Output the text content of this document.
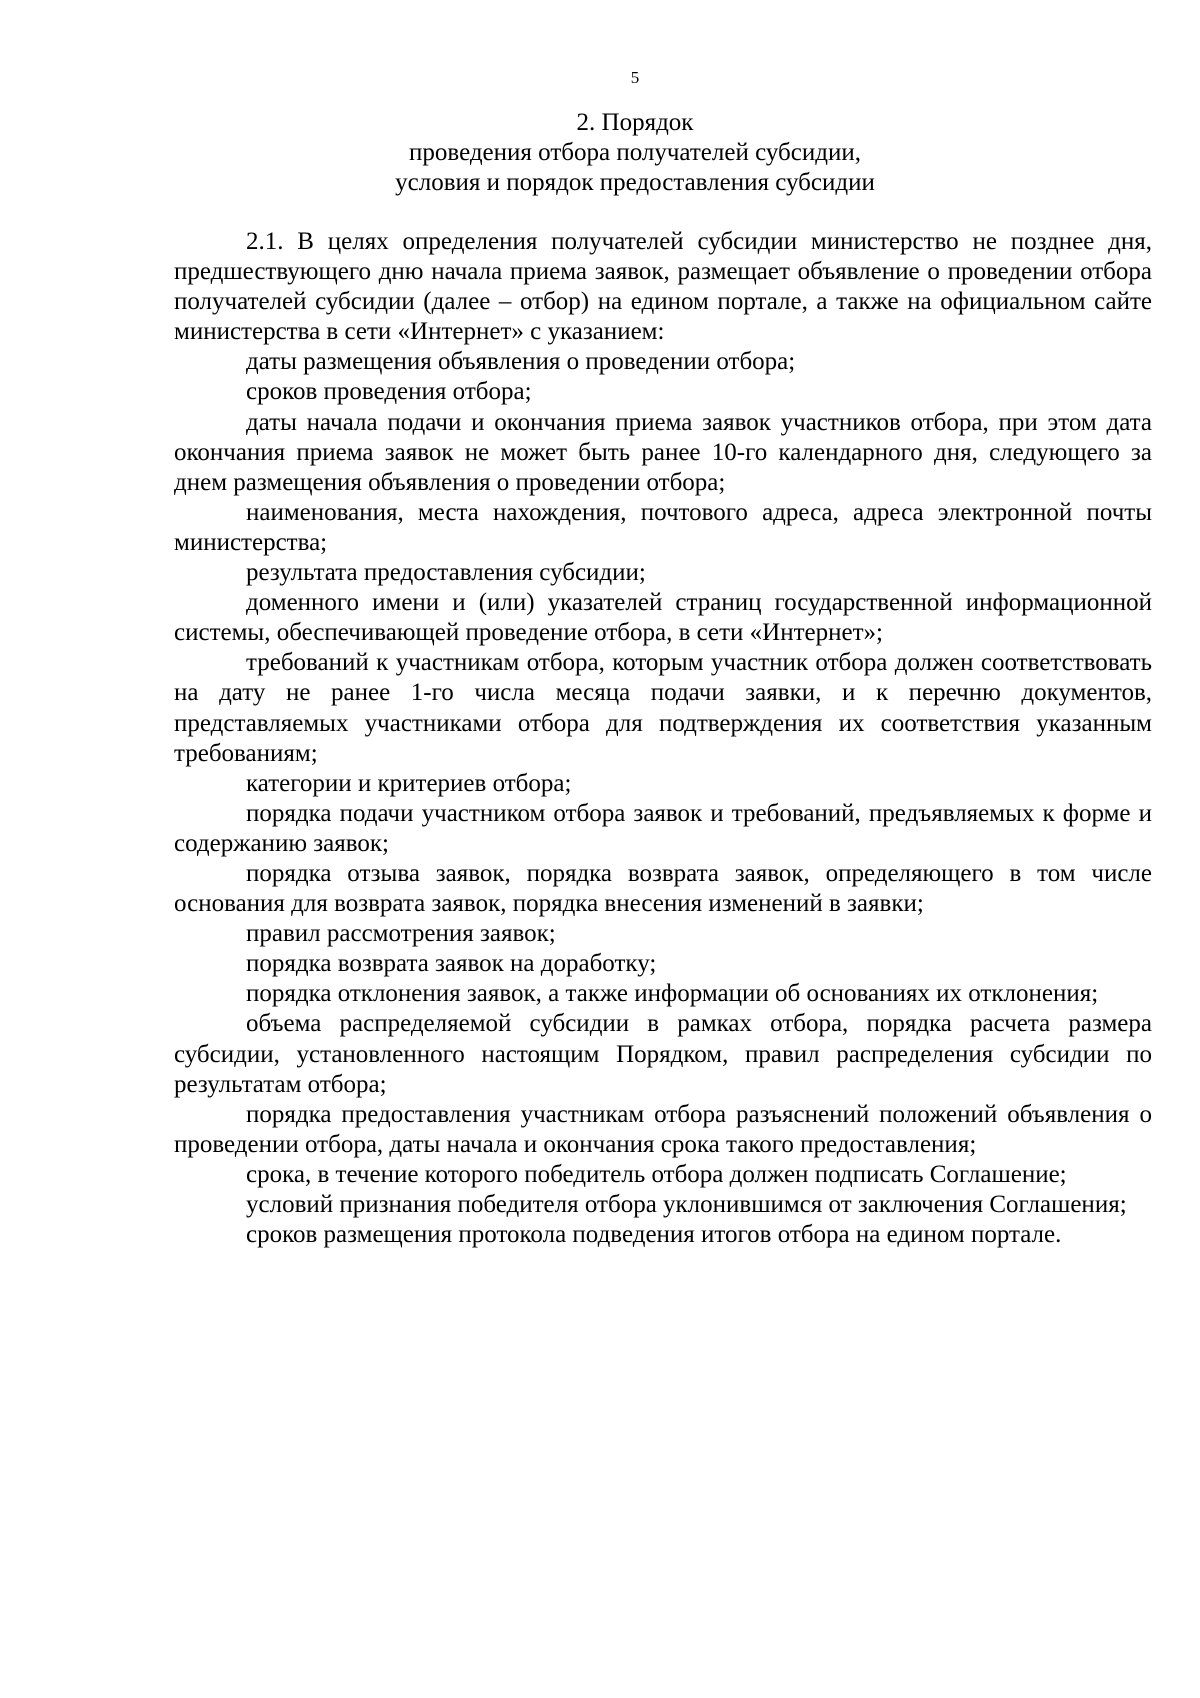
5
2. Порядок
проведения отбора получателей субсидии,
условия и порядок предоставления субсидии

2.1. В целях определения получателей субсидии министерство не позднее дня, предшествующего дню начала приема заявок, размещает объявление о проведении отбора получателей субсидии (далее – отбор) на едином портале, а также на официальном сайте министерства в сети «Интернет» с указанием:

даты размещения объявления о проведении отбора;

сроков проведения отбора;

даты начала подачи и окончания приема заявок участников отбора, при этом дата окончания приема заявок не может быть ранее 10-го календарного дня, следующего за днем размещения объявления о проведении отбора;

наименования, места нахождения, почтового адреса, адреса электронной почты министерства;

результата предоставления субсидии;

доменного имени и (или) указателей страниц государственной информационной системы, обеспечивающей проведение отбора, в сети «Интернет»;

требований к участникам отбора, которым участник отбора должен соответствовать на дату не ранее 1-го числа месяца подачи заявки, и к перечню документов, представляемых участниками отбора для подтверждения их соответствия указанным требованиям;

категории и критериев отбора;

порядка подачи участником отбора заявок и требований, предъявляемых к форме и содержанию заявок;

порядка отзыва заявок, порядка возврата заявок, определяющего в том числе основания для возврата заявок, порядка внесения изменений в заявки;

правил рассмотрения заявок;

порядка возврата заявок на доработку;

порядка отклонения заявок, а также информации об основаниях их отклонения;

объема распределяемой субсидии в рамках отбора, порядка расчета размера субсидии, установленного настоящим Порядком, правил распределения субсидии по результатам отбора;

порядка предоставления участникам отбора разъяснений положений объявления о проведении отбора, даты начала и окончания срока такого предоставления;

срока, в течение которого победитель отбора должен подписать Соглашение;

условий признания победителя отбора уклонившимся от заключения Соглашения;

сроков размещения протокола подведения итогов отбора на едином портале.
